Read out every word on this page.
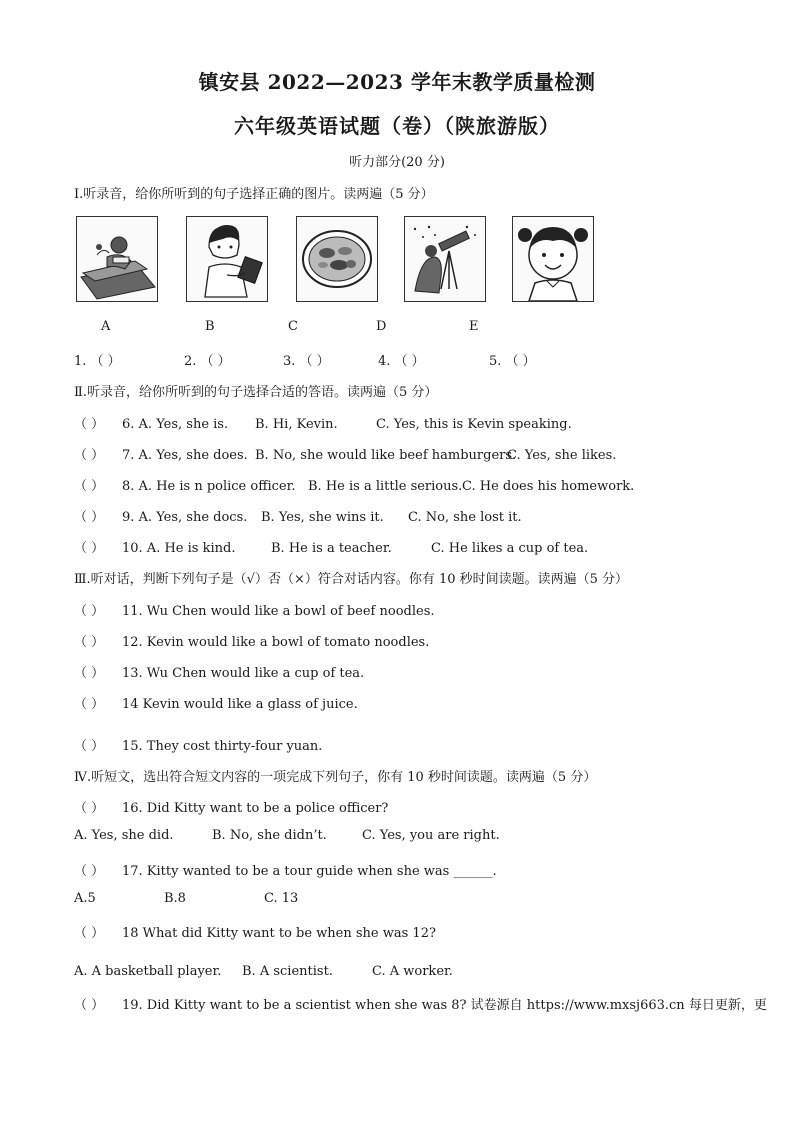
镇安县 2022—2023 学年末教学质量检测
六年级英语试题（卷）（陕旅游版）
听力部分(20 分)
Ⅰ.听录音，给你所听到的句子选择正确的图片。读两遍（5 分）
A	B	C	D	E
1. （ ）	2. （ ）	3. （ ）	4. （ ）	5. （ ）
Ⅱ.听录音，给你所听到的句子选择合适的答语。读两遍（5 分）
（ ） 6. A. Yes, she is. B. Hi, Kevin.	C. Yes, this is Kevin speaking.
（ ） 7. A. Yes, she does. B. No, she would like beef hamburgers.C. Yes, she likes.
（ ） 8. A. He is n police officer. B. He is a little serious.C. He does his homework.
（ ） 9. A. Yes, she docs. B. Yes, she wins it. C. No, she lost it.
（ ） 10. A. He is kind.	B. He is a teacher.	C. He likes a cup of tea.
Ⅲ.听对话，判断下列句子是（√）否（×）符合对话内容。你有 10 秒时间读题。读两遍（5 分）
（ ） 11. Wu Chen would like a bowl of beef noodles.
（ ） 12. Kevin would like a bowl of tomato noodles.
（ ） 13. Wu Chen would like a cup of tea.
（ ） 14 Kevin would like a glass of juice.
（ ） 15. They cost thirty-four yuan.
Ⅳ.听短文，选出符合短文内容的一项完成下列句子，你有 10 秒时间读题。读两遍（5 分）
（ ） 16. Did Kitty want to be a police officer?
A. Yes, she did.	B. No, she didn’t.	C. Yes, you are right.
（ ） 17. Kitty wanted to be a tour guide when she was ______.
A.5	B.8	C. 13
（ ） 18 What did Kitty want to be when she was 12?
A. A basketball player. B. A scientist.	C. A worker.
（ ） 19. Did Kitty want to be a scientist when she was 8? 试卷源自 https://www.mxsj663.cn 每日更新，更
